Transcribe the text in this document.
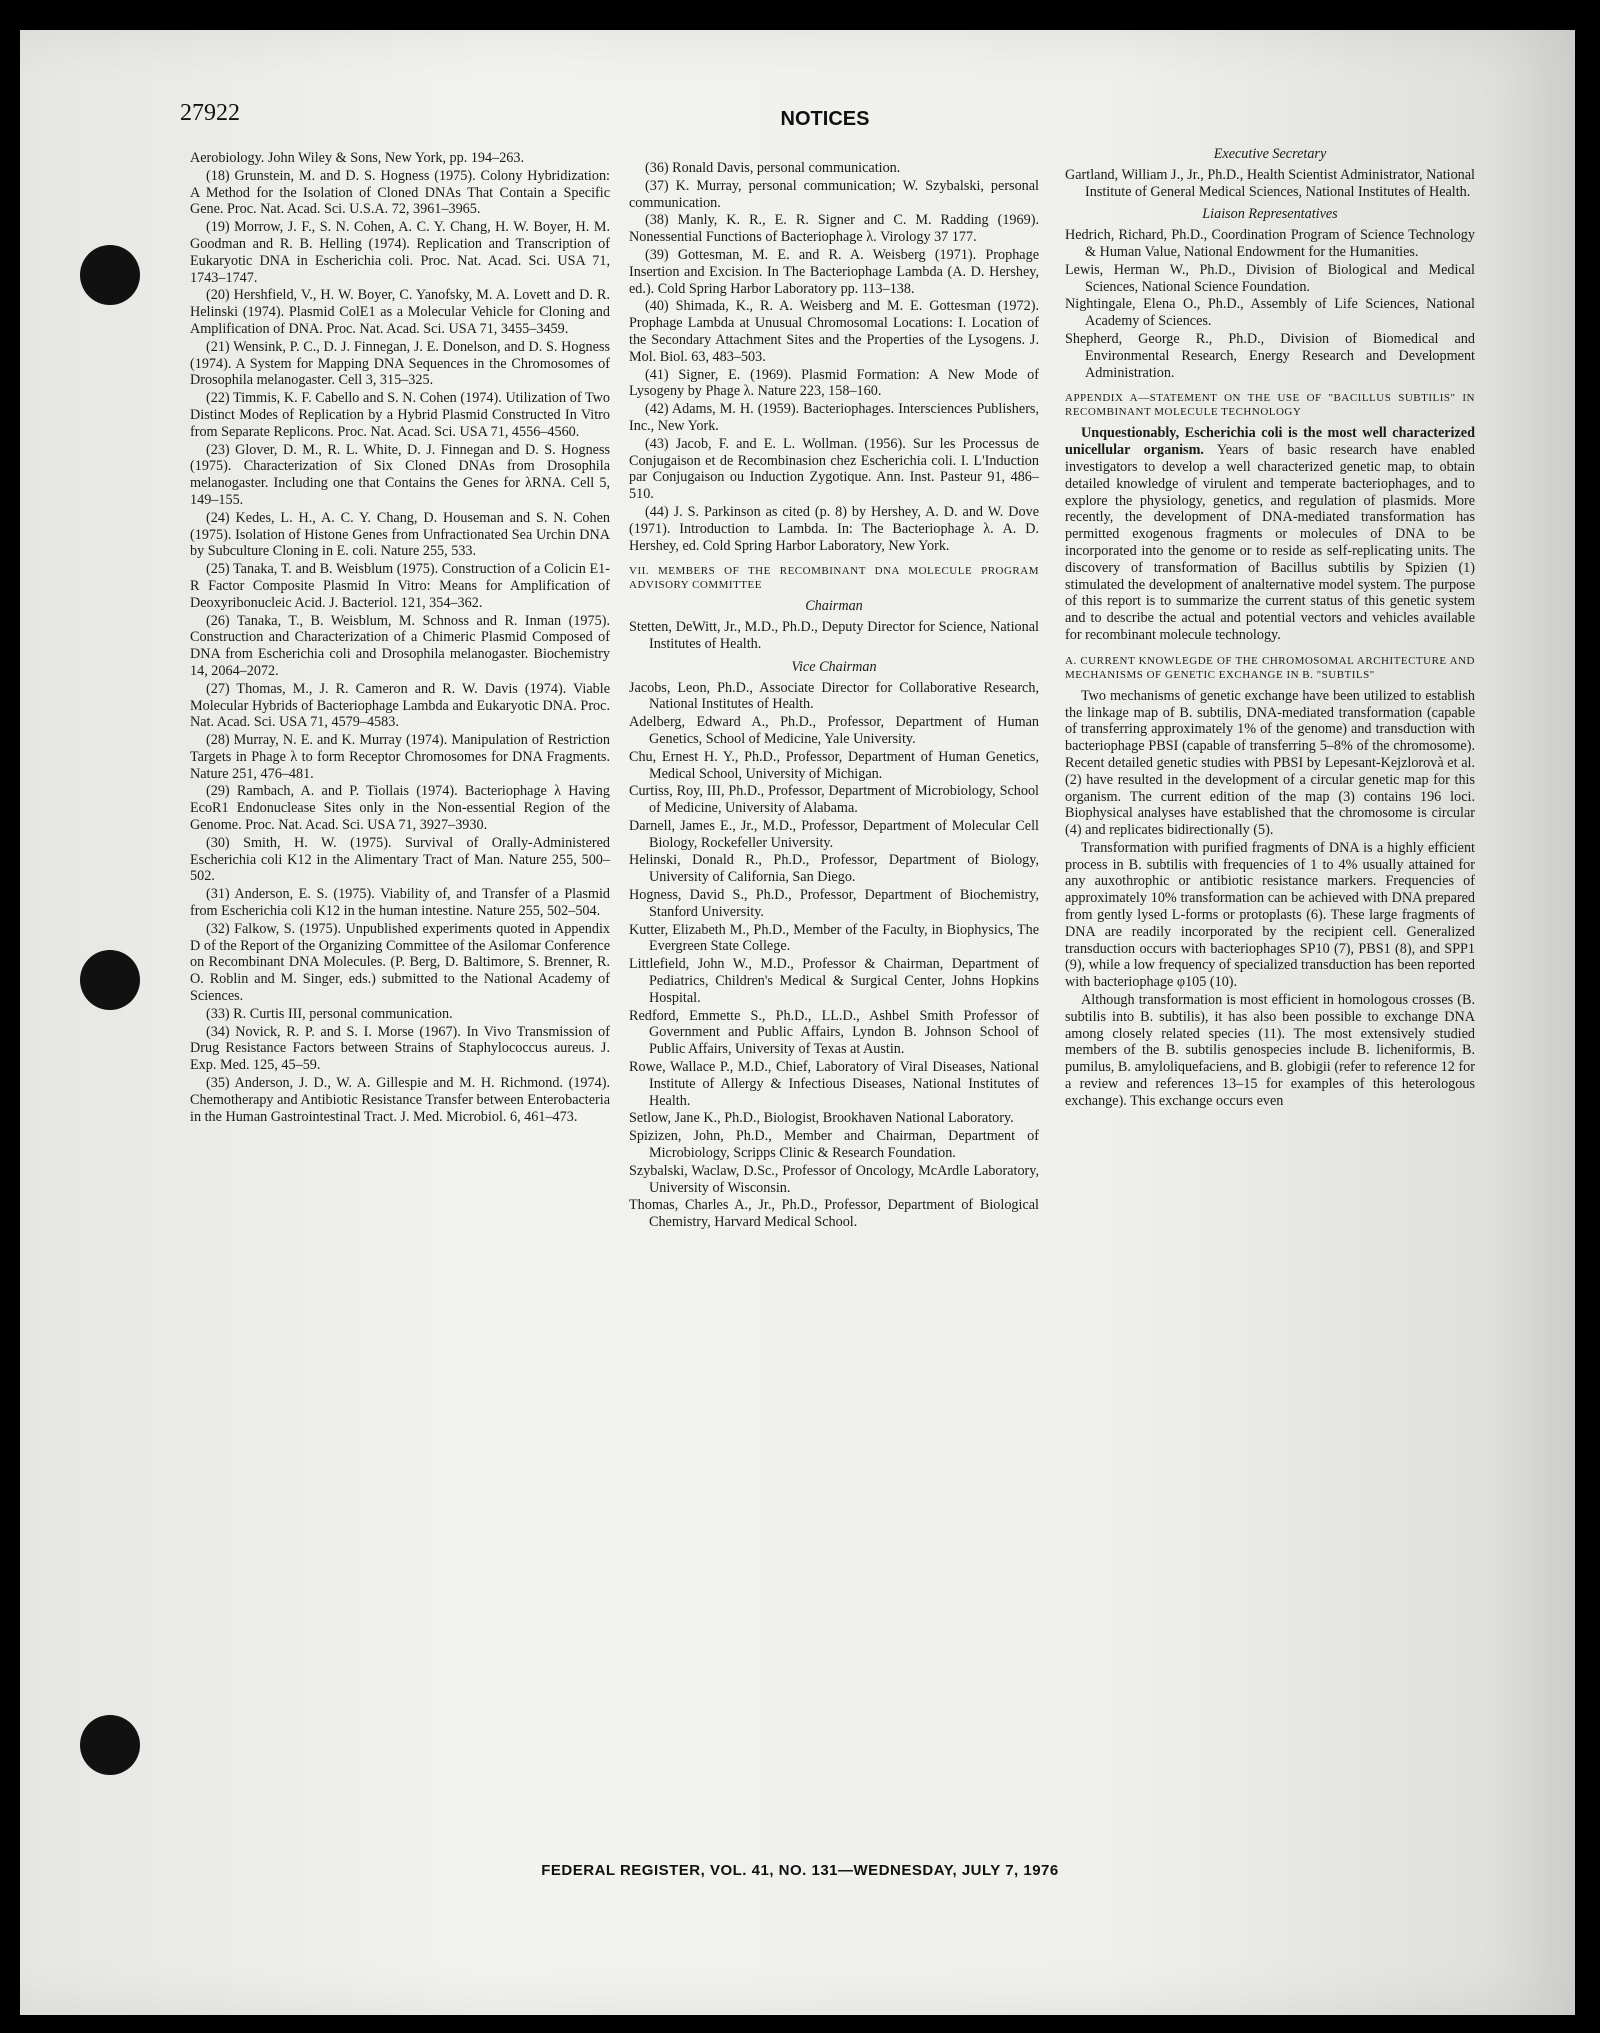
27922	NOTICES

Aerobiology. John Wiley & Sons, New York, pp. 194–263.

(18) Grunstein, M. and D. S. Hogness (1975). Colony Hybridization: A Method for the Isolation of Cloned DNAs That Contain a Specific Gene. Proc. Nat. Acad. Sci. U.S.A. 72, 3961–3965.

(19) Morrow, J. F., S. N. Cohen, A. C. Y. Chang, H. W. Boyer, H. M. Goodman and R. B. Helling (1974). Replication and Transcription of Eukaryotic DNA in Escherichia coli. Proc. Nat. Acad. Sci. USA 71, 1743–1747.

(20) Hershfield, V., H. W. Boyer, C. Yanofsky, M. A. Lovett and D. R. Helinski (1974). Plasmid ColE1 as a Molecular Vehicle for Cloning and Amplification of DNA. Proc. Nat. Acad. Sci. USA 71, 3455–3459.

(21) Wensink, P. C., D. J. Finnegan, J. E. Donelson, and D. S. Hogness (1974). A System for Mapping DNA Sequences in the Chromosomes of Drosophila melanogaster. Cell 3, 315–325.

(22) Timmis, K. F. Cabello and S. N. Cohen (1974). Utilization of Two Distinct Modes of Replication by a Hybrid Plasmid Constructed In Vitro from Separate Replicons. Proc. Nat. Acad. Sci. USA 71, 4556–4560.

(23) Glover, D. M., R. L. White, D. J. Finnegan and D. S. Hogness (1975). Characterization of Six Cloned DNAs from Drosophila melanogaster. Including one that Contains the Genes for λRNA. Cell 5, 149–155.

(24) Kedes, L. H., A. C. Y. Chang, D. Houseman and S. N. Cohen (1975). Isolation of Histone Genes from Unfractionated Sea Urchin DNA by Subculture Cloning in E. coli. Nature 255, 533.

(25) Tanaka, T. and B. Weisblum (1975). Construction of a Colicin E1-R Factor Composite Plasmid In Vitro: Means for Amplification of Deoxyribonucleic Acid. J. Bacteriol. 121, 354–362.

(26) Tanaka, T., B. Weisblum, M. Schnoss and R. Inman (1975). Construction and Characterization of a Chimeric Plasmid Composed of DNA from Escherichia coli and Drosophila melanogaster. Biochemistry 14, 2064–2072.

(27) Thomas, M., J. R. Cameron and R. W. Davis (1974). Viable Molecular Hybrids of Bacteriophage Lambda and Eukaryotic DNA. Proc. Nat. Acad. Sci. USA 71, 4579–4583.

(28) Murray, N. E. and K. Murray (1974). Manipulation of Restriction Targets in Phage λ to form Receptor Chromosomes for DNA Fragments. Nature 251, 476–481.

(29) Rambach, A. and P. Tiollais (1974). Bacteriophage λ Having EcoR1 Endonuclease Sites only in the Non-essential Region of the Genome. Proc. Nat. Acad. Sci. USA 71, 3927–3930.

(30) Smith, H. W. (1975). Survival of Orally-Administered Escherichia coli K12 in the Alimentary Tract of Man. Nature 255, 500–502.

(31) Anderson, E. S. (1975). Viability of, and Transfer of a Plasmid from Escherichia coli K12 in the human intestine. Nature 255, 502–504.

(32) Falkow, S. (1975). Unpublished experiments quoted in Appendix D of the Report of the Organizing Committee of the Asilomar Conference on Recombinant DNA Molecules. (P. Berg, D. Baltimore, S. Brenner, R. O. Roblin and M. Singer, eds.) submitted to the National Academy of Sciences.

(33) R. Curtis III, personal communication.

(34) Novick, R. P. and S. I. Morse (1967). In Vivo Transmission of Drug Resistance Factors between Strains of Staphylococcus aureus. J. Exp. Med. 125, 45–59.

(35) Anderson, J. D., W. A. Gillespie and M. H. Richmond. (1974). Chemotherapy and Antibiotic Resistance Transfer between Enterobacteria in the Human Gastrointestinal Tract. J. Med. Microbiol. 6, 461–473.

(36) Ronald Davis, personal communication.

(37) K. Murray, personal communication; W. Szybalski, personal communication.

(38) Manly, K. R., E. R. Signer and C. M. Radding (1969). Nonessential Functions of Bacteriophage λ. Virology 37 177.

(39) Gottesman, M. E. and R. A. Weisberg (1971). Prophage Insertion and Excision. In The Bacteriophage Lambda (A. D. Hershey, ed.). Cold Spring Harbor Laboratory pp. 113–138.

(40) Shimada, K., R. A. Weisberg and M. E. Gottesman (1972). Prophage Lambda at Unusual Chromosomal Locations: I. Location of the Secondary Attachment Sites and the Properties of the Lysogens. J. Mol. Biol. 63, 483–503.

(41) Signer, E. (1969). Plasmid Formation: A New Mode of Lysogeny by Phage λ. Nature 223, 158–160.

(42) Adams, M. H. (1959). Bacteriophages. Intersciences Publishers, Inc., New York.

(43) Jacob, F. and E. L. Wollman. (1956). Sur les Processus de Conjugaison et de Recombinasion chez Escherichia coli. I. L'Induction par Conjugaison ou Induction Zygotique. Ann. Inst. Pasteur 91, 486–510.

(44) J. S. Parkinson as cited (p. 8) by Hershey, A. D. and W. Dove (1971). Introduction to Lambda. In: The Bacteriophage λ. A. D. Hershey, ed. Cold Spring Harbor Laboratory, New York.

VII. MEMBERS OF THE RECOMBINANT DNA MOLECULE PROGRAM ADVISORY COMMITTEE
Chairman

Stetten, DeWitt, Jr., M.D., Ph.D., Deputy Director for Science, National Institutes of Health.

Vice Chairman

Jacobs, Leon, Ph.D., Associate Director for Collaborative Research, National Institutes of Health.

Adelberg, Edward A., Ph.D., Professor, Department of Human Genetics, School of Medicine, Yale University.

Chu, Ernest H. Y., Ph.D., Professor, Department of Human Genetics, Medical School, University of Michigan.

Curtiss, Roy, III, Ph.D., Professor, Department of Microbiology, School of Medicine, University of Alabama.

Darnell, James E., Jr., M.D., Professor, Department of Molecular Cell Biology, Rockefeller University.

Helinski, Donald R., Ph.D., Professor, Department of Biology, University of California, San Diego.

Hogness, David S., Ph.D., Professor, Department of Biochemistry, Stanford University.

Kutter, Elizabeth M., Ph.D., Member of the Faculty, in Biophysics, The Evergreen State College.

Littlefield, John W., M.D., Professor & Chairman, Department of Pediatrics, Children's Medical & Surgical Center, Johns Hopkins Hospital.

Redford, Emmette S., Ph.D., LL.D., Ashbel Smith Professor of Government and Public Affairs, Lyndon B. Johnson School of Public Affairs, University of Texas at Austin.

Rowe, Wallace P., M.D., Chief, Laboratory of Viral Diseases, National Institute of Allergy & Infectious Diseases, National Institutes of Health.

Setlow, Jane K., Ph.D., Biologist, Brookhaven National Laboratory.

Spizizen, John, Ph.D., Member and Chairman, Department of Microbiology, Scripps Clinic & Research Foundation.

Szybalski, Waclaw, D.Sc., Professor of Oncology, McArdle Laboratory, University of Wisconsin.

Thomas, Charles A., Jr., Ph.D., Professor, Department of Biological Chemistry, Harvard Medical School.

Executive Secretary

Gartland, William J., Jr., Ph.D., Health Scientist Administrator, National Institute of General Medical Sciences, National Institutes of Health.

Liaison Representatives

Hedrich, Richard, Ph.D., Coordination Program of Science Technology & Human Value, National Endowment for the Humanities.

Lewis, Herman W., Ph.D., Division of Biological and Medical Sciences, National Science Foundation.

Nightingale, Elena O., Ph.D., Assembly of Life Sciences, National Academy of Sciences.

Shepherd, George R., Ph.D., Division of Biomedical and Environmental Research, Energy Research and Development Administration.

APPENDIX A—STATEMENT ON THE USE OF "BACILLUS SUBTILIS" IN RECOMBINANT MOLECULE TECHNOLOGY

Unquestionably, Escherichia coli is the most well characterized unicellular organism. Years of basic research have enabled investigators to develop a well characterized genetic map, to obtain detailed knowledge of virulent and temperate bacteriophages, and to explore the physiology, genetics, and regulation of plasmids. More recently, the development of DNA-mediated transformation has permitted exogenous fragments or molecules of DNA to be incorporated into the genome or to reside as self-replicating units. The discovery of transformation of Bacillus subtilis by Spizien (1) stimulated the development of analternative model system. The purpose of this report is to summarize the current status of this genetic system and to describe the actual and potential vectors and vehicles available for recombinant molecule technology.

A. CURRENT KNOWLEGDE OF THE CHROMOSOMAL ARCHITECTURE AND MECHANISMS OF GENETIC EXCHANGE IN B. "SUBTILS"

Two mechanisms of genetic exchange have been utilized to establish the linkage map of B. subtilis, DNA-mediated transformation (capable of transferring approximately 1% of the genome) and transduction with bacteriophage PBSI (capable of transferring 5–8% of the chromosome). Recent detailed genetic studies with PBSI by Lepesant-Kejzlorovà et al. (2) have resulted in the development of a circular genetic map for this organism. The current edition of the map (3) contains 196 loci. Biophysical analyses have established that the chromosome is circular (4) and replicates bidirectionally (5).

Transformation with purified fragments of DNA is a highly efficient process in B. subtilis with frequencies of 1 to 4% usually attained for any auxothrophic or antibiotic resistance markers. Frequencies of approximately 10% transformation can be achieved with DNA prepared from gently lysed L-forms or protoplasts (6). These large fragments of DNA are readily incorporated by the recipient cell. Generalized transduction occurs with bacteriophages SP10 (7), PBS1 (8), and SPP1 (9), while a low frequency of specialized transduction has been reported with bacteriophage φ105 (10).

Although transformation is most efficient in homologous crosses (B. subtilis into B. subtilis), it has also been possible to exchange DNA among closely related species (11). The most extensively studied members of the B. subtilis genospecies include B. licheniformis, B. pumilus, B. amyloliquefaciens, and B. globigii (refer to reference 12 for a review and references 13–15 for examples of this heterologous exchange). This exchange occurs even

FEDERAL REGISTER, VOL. 41, NO. 131—WEDNESDAY, JULY 7, 1976
